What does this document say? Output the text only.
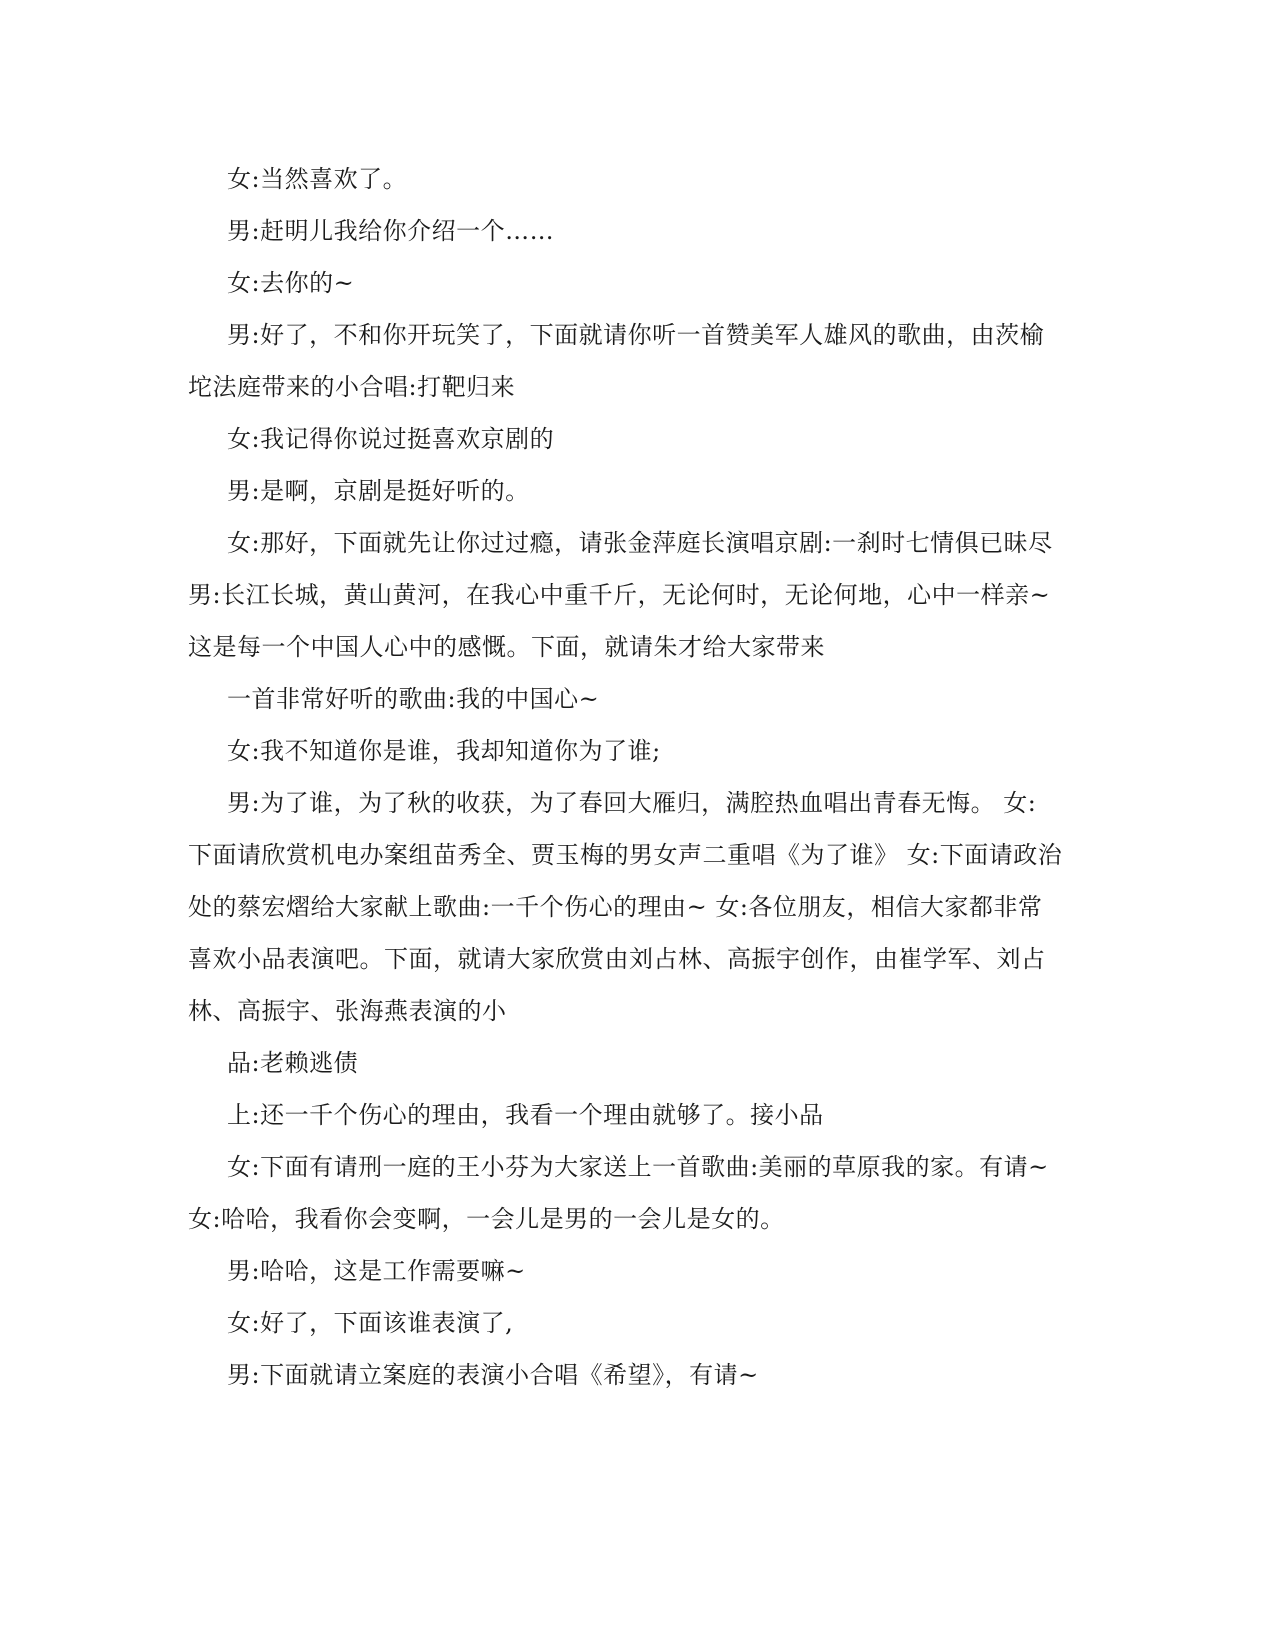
女:当然喜欢了。
男:赶明儿我给你介绍一个……
女:去你的~
男:好了，不和你开玩笑了，下面就请你听一首赞美军人雄风的歌曲，由茨榆
坨法庭带来的小合唱:打靶归来
女:我记得你说过挺喜欢京剧的
男:是啊，京剧是挺好听的。
女:那好，下面就先让你过过瘾，请张金萍庭长演唱京剧:一刹时七情俱已昧尽
男:长江长城，黄山黄河，在我心中重千斤，无论何时，无论何地，心中一样亲~
这是每一个中国人心中的感慨。下面，就请朱才给大家带来
一首非常好听的歌曲:我的中国心~
女:我不知道你是谁，我却知道你为了谁;
男:为了谁，为了秋的收获，为了春回大雁归，满腔热血唱出青春无悔。 女:
下面请欣赏机电办案组苗秀全、贾玉梅的男女声二重唱《为了谁》 女:下面请政治
处的蔡宏熠给大家献上歌曲:一千个伤心的理由~ 女:各位朋友，相信大家都非常
喜欢小品表演吧。下面，就请大家欣赏由刘占林、高振宇创作，由崔学军、刘占
林、高振宇、张海燕表演的小
品:老赖逃债
上:还一千个伤心的理由，我看一个理由就够了。接小品
女:下面有请刑一庭的王小芬为大家送上一首歌曲:美丽的草原我的家。有请~
女:哈哈，我看你会变啊，一会儿是男的一会儿是女的。
男:哈哈，这是工作需要嘛~
女:好了，下面该谁表演了,
男:下面就请立案庭的表演小合唱《希望》，有请~
